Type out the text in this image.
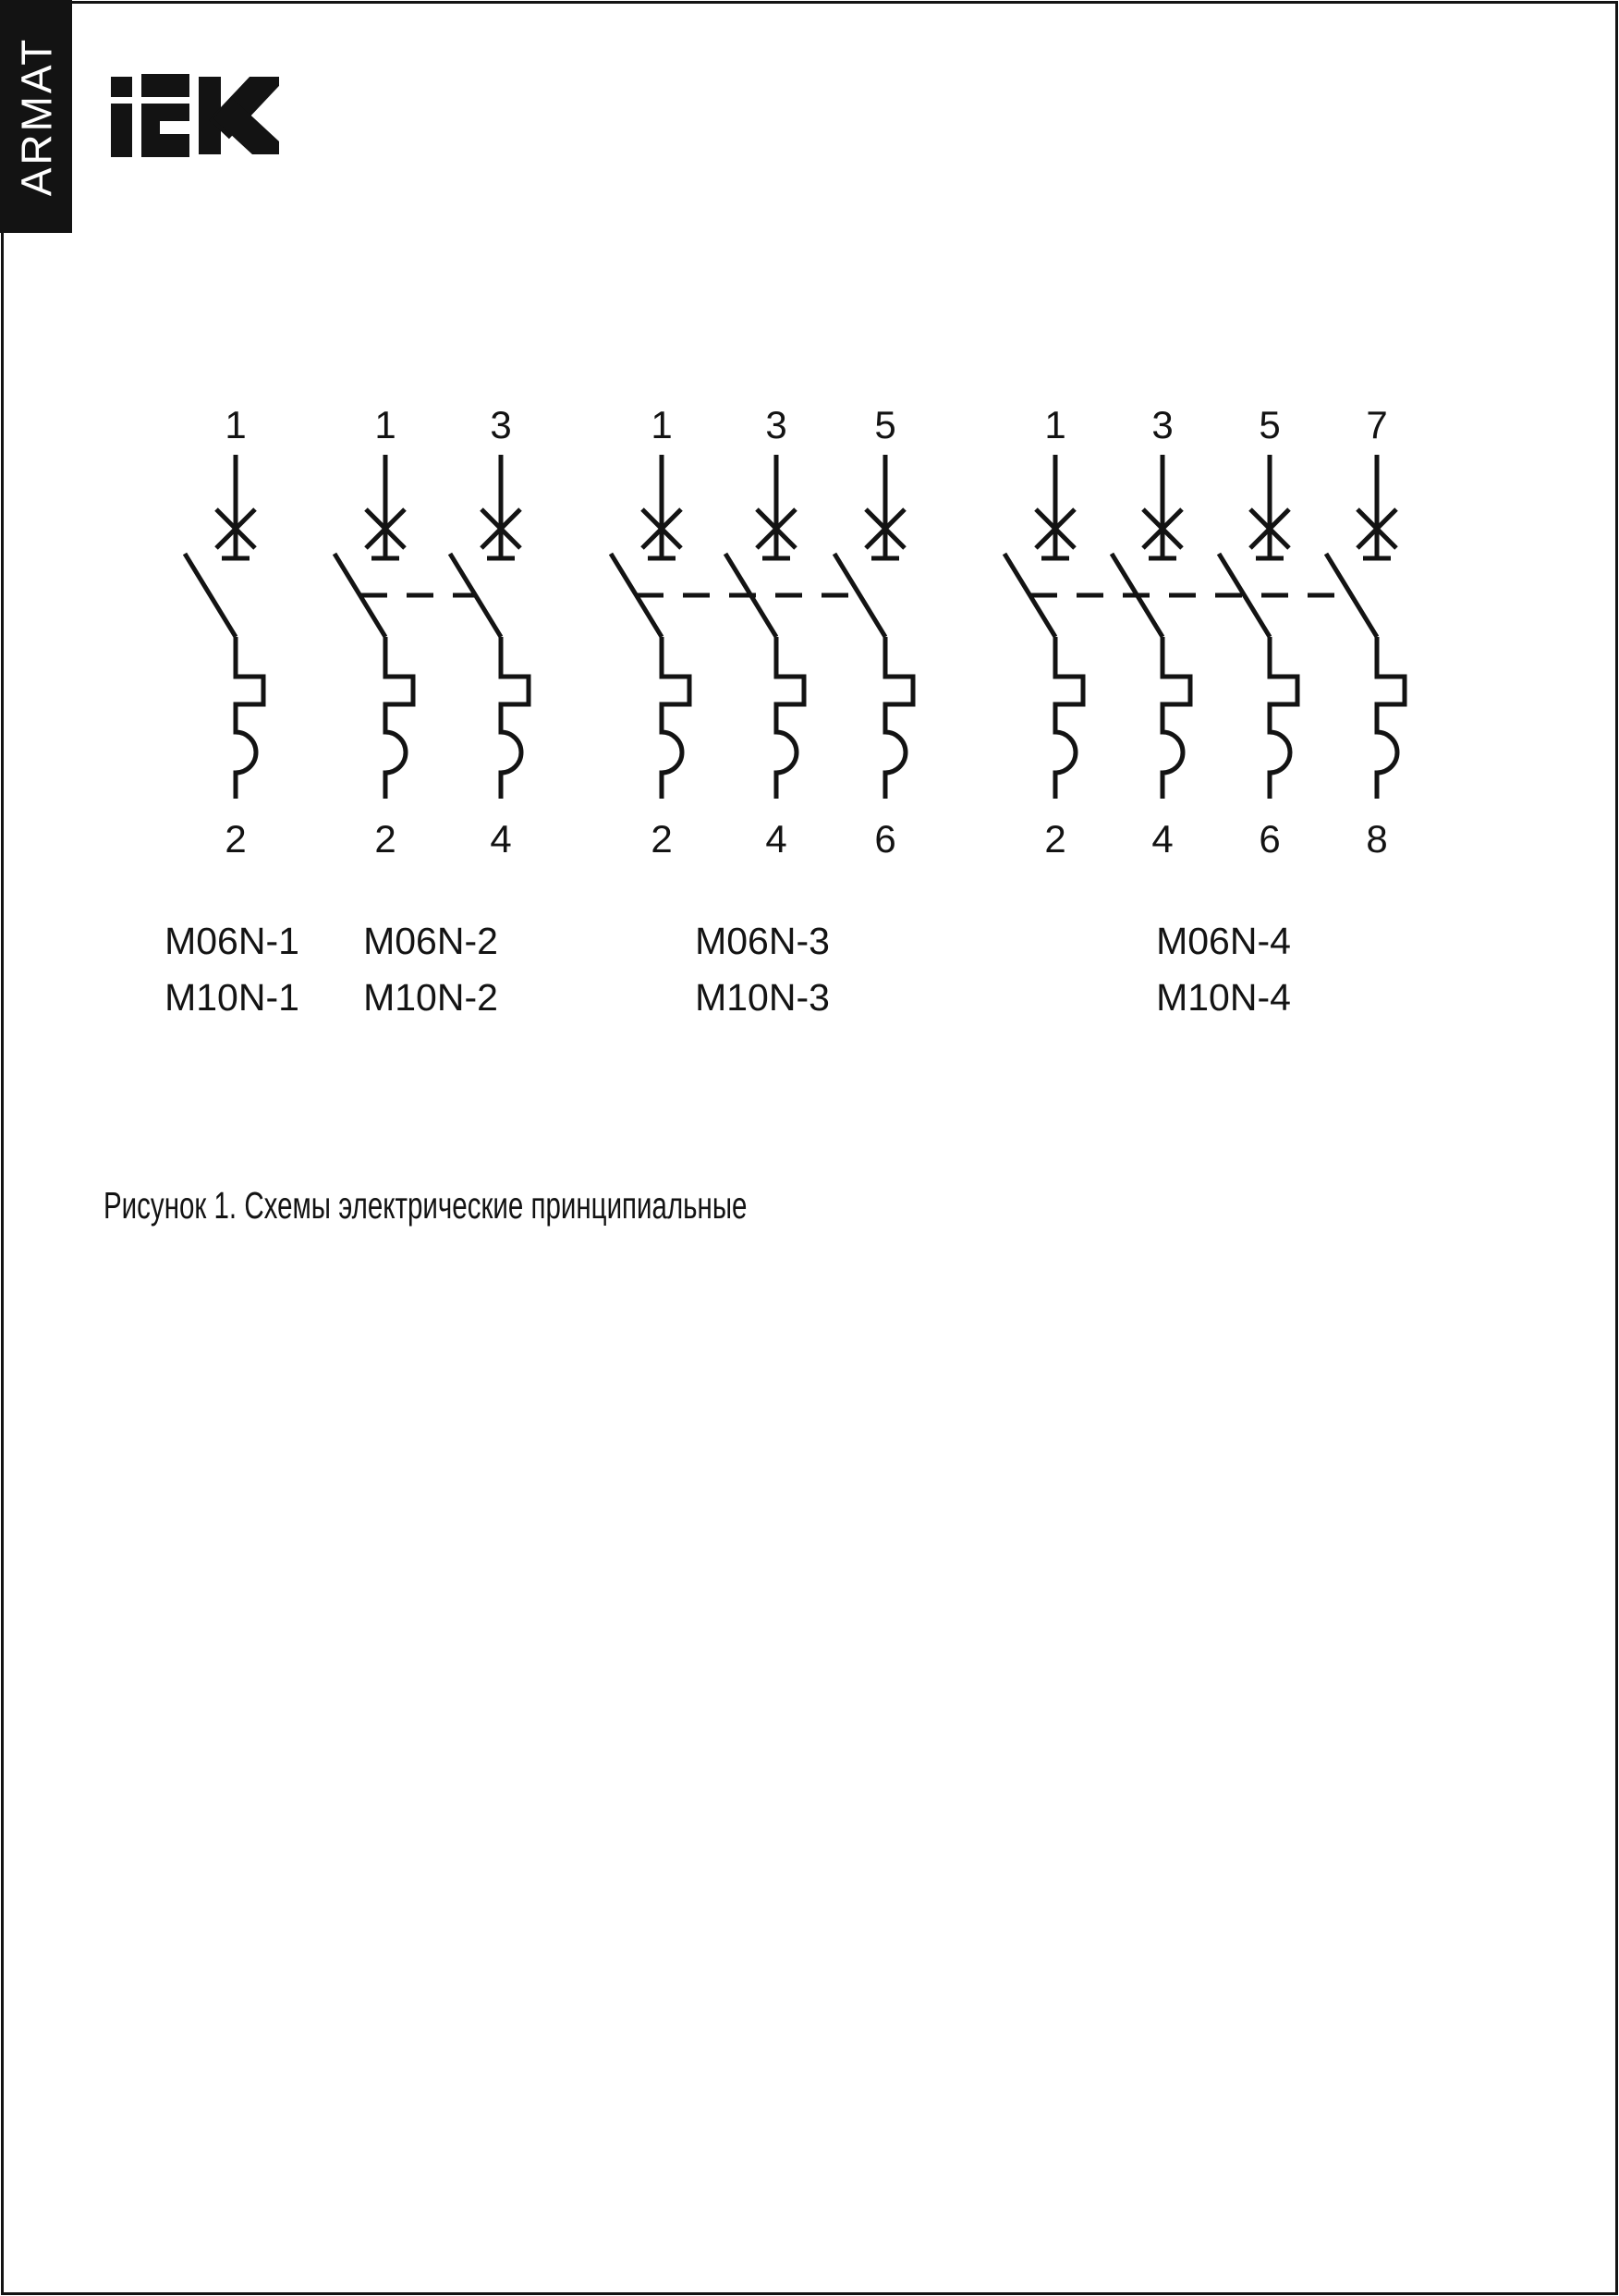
ARMAT
Рисунок 1. Схемы электрические принципиальные
1
2
M06N-1
M10N-1
1
2
3
4
M06N-2
M10N-2
1
2
3
4
5
6
M06N-3
M10N-3
1
2
3
4
5
6
7
8
M06N-4
M10N-4
